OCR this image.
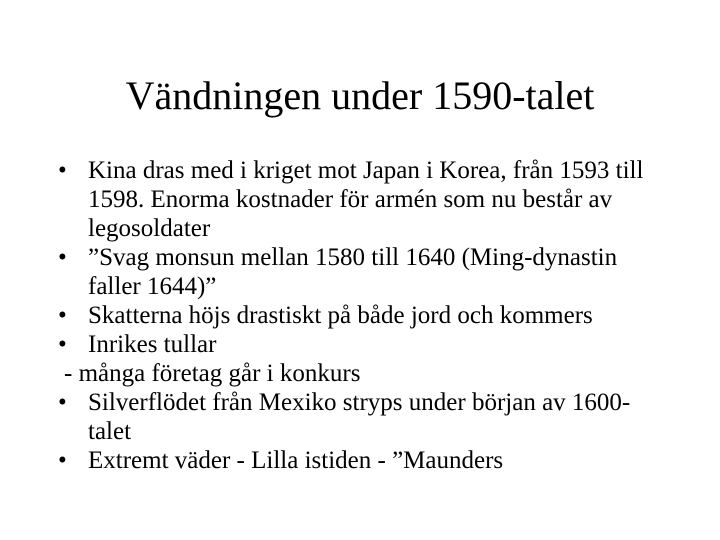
Vändningen under 1590-talet
• Kina dras med i kriget mot Japan i Korea, från 1593 till 1598. Enorma kostnader för armén som nu består av legosoldater
• ”Svag monsun mellan 1580 till 1640 (Ming-dynastin faller 1644)”
• Skatterna höjs drastiskt på både jord och kommers
• Inrikes tullar
- många företag går i konkurs
• Silverflödet från Mexiko stryps under början av 1600-talet
• Extremt väder - Lilla istiden - ”Maunders
